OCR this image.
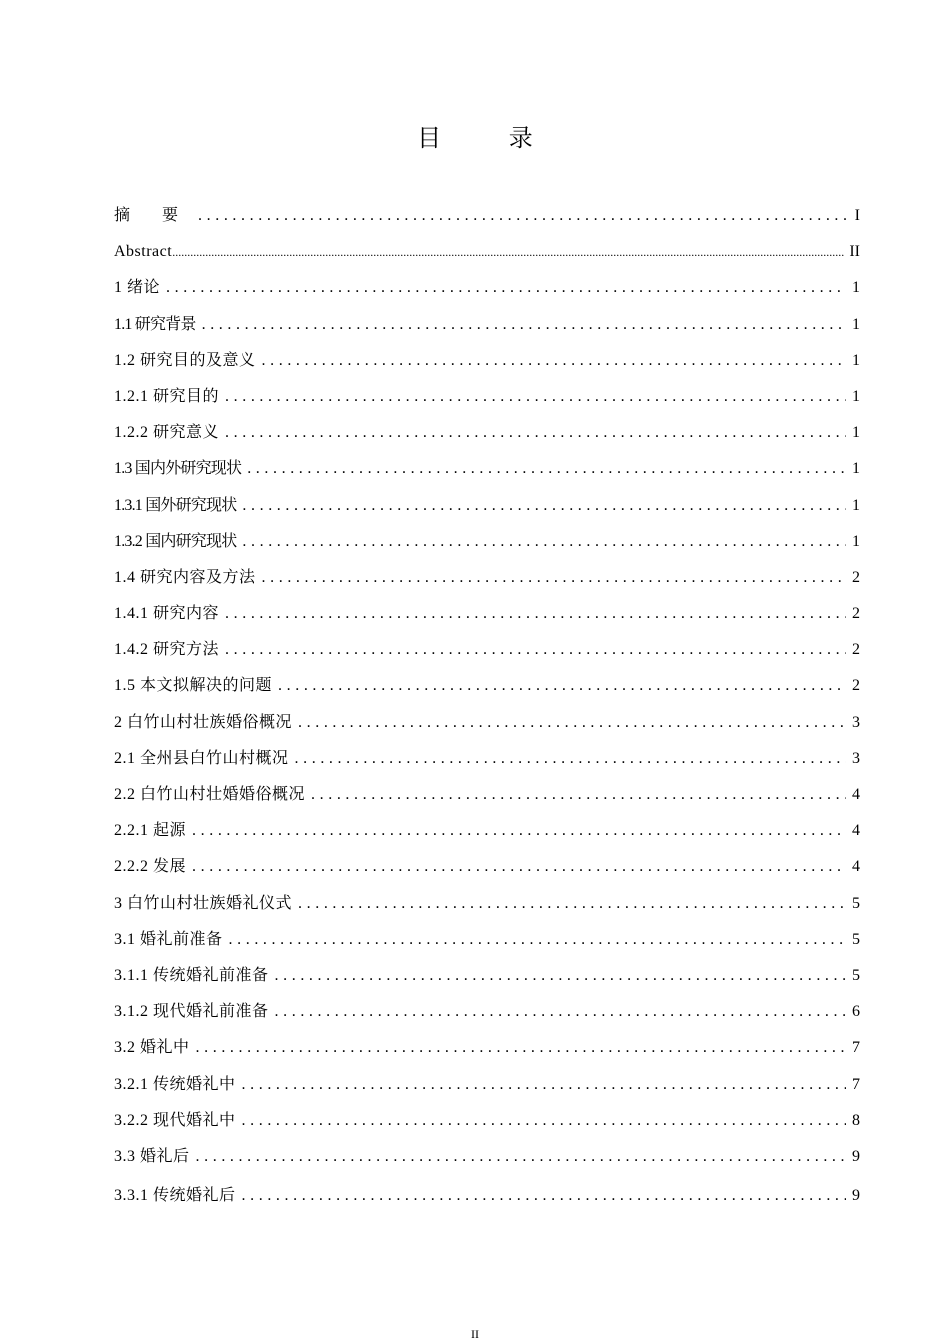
目 录
摘 要 .....	I
Abstract .....	II
1 绪论 .....	1
1.1 研究背景 .....	1
1.2 研究目的及意义 .....	1
1.2.1 研究目的 .....	1
1.2.2 研究意义 .....	1
1.3 国内外研究现状 .....	1
1.3.1 国外研究现状 .....	1
1.3.2 国内研究现状 .....	1
1.4 研究内容及方法 .....	2
1.4.1 研究内容 .....	2
1.4.2 研究方法 .....	2
1.5 本文拟解决的问题 .....	2
2 白竹山村壮族婚俗概况 .....	3
2.1 全州县白竹山村概况 .....	3
2.2 白竹山村壮婚婚俗概况 .....	4
2.2.1 起源 .....	4
2.2.2 发展 .....	4
3 白竹山村壮族婚礼仪式 .....	5
3.1 婚礼前准备 .....	5
3.1.1 传统婚礼前准备 .....	5
3.1.2 现代婚礼前准备 .....	6
3.2 婚礼中 .....	7
3.2.1 传统婚礼中 .....	7
3.2.2 现代婚礼中 .....	8
3.3 婚礼后 .....	9
3.3.1 传统婚礼后 .....	9
II
